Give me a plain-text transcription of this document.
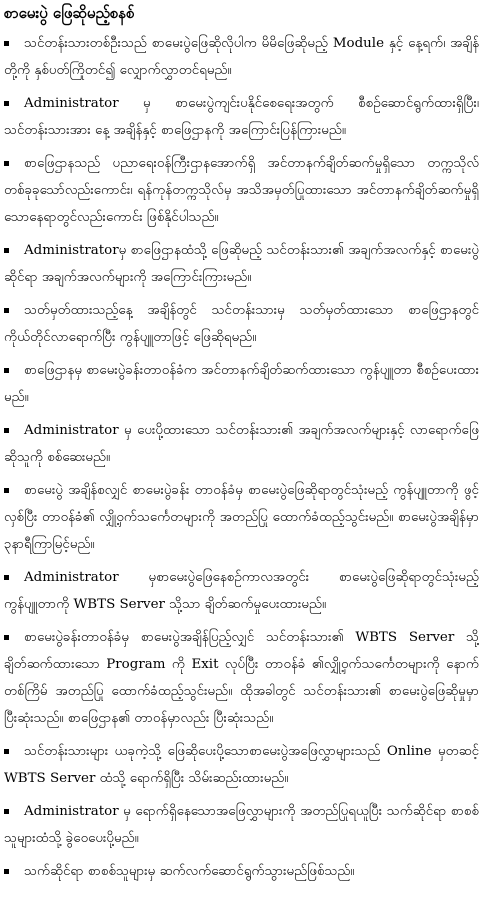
စာမေးပွဲ ဖြေဆိုမည့်စနစ်
သင်တန်းသားတစ်ဦးသည် စာမေးပွဲဖြေဆိုလိုပါက မိမိဖြေဆိုမည့် Module နှင့် နေ့ရက်၊ အချိန်တို့ကို နှစ်ပတ်ကြိုတင်၍ လျှောက်လွှာတင်ရမည်။
Administrator မှ စာမေးပွဲကျင်းပနိုင်စေရေးအတွက် စီစဉ်ဆောင်ရွက်ထားရှိပြီး၊ သင်တန်းသားအား နေ့ အချိန်နှင့် စာဖြေဌာနကို အကြောင်းပြန်ကြားမည်။
စာဖြေဌာနသည် ပညာရေးဝန်ကြီးဌာနအောက်ရှိ အင်တာနက်ချိတ်ဆက်မှုရှိသော တက္ကသိုလ်တစ်ခုခုသော်လည်းကောင်း၊ ရန်ကုန်တက္ကသိုလ်မှ အသိအမှတ်ပြုထားသော အင်တာနက်ချိတ်ဆက်မှုရှိသောနေရာတွင်လည်းကောင်း ဖြစ်နိုင်ပါသည်။
Administratorမှ စာဖြေဌာနထံသို့ ဖြေဆိုမည့် သင်တန်းသား၏ အချက်အလက်နှင့် စာမေးပွဲဆိုင်ရာ အချက်အလက်များကို အကြောင်းကြားမည်။
သတ်မှတ်ထားသည့်နေ့ အချိန်တွင် သင်တန်းသားမှ သတ်မှတ်ထားသော စာဖြေဌာနတွင် ကိုယ်တိုင်လာရောက်ပြီး ကွန်ပျူတာဖြင့် ဖြေဆိုရမည်။
စာဖြေဌာနမှ စာမေးပွဲခန်းတာဝန်ခံက အင်တာနက်ချိတ်ဆက်ထားသော ကွန်ပျူတာ စီစဉ်ပေးထားမည်။
Administrator မှ ပေးပို့ထားသော သင်တန်းသား၏ အချက်အလက်များနှင့် လာရောက်ဖြေဆိုသူကို စစ်ဆေးမည်။
စာမေးပွဲ အချိန်စလျှင် စာမေးပွဲခန်း တာဝန်ခံမှ စာမေးပွဲဖြေဆိုရာတွင်သုံးမည့် ကွန်ပျူတာကို ဖွင့်လှစ်ပြီး တာဝန်ခံ၏ လျှို့ဝှက်သင်္ကေတများကို အတည်ပြု ထောက်ခံထည့်သွင်းမည်။ စာမေးပွဲအချိန်မှာ ၃နာရီကြာမြင့်မည်။
Administrator မှစာမေးပွဲဖြေနေစဉ်ကာလအတွင်း စာမေးပွဲဖြေဆိုရာတွင်သုံးမည့် ကွန်ပျူတာကို WBTS Server သို့သာ ချိတ်ဆက်မှုပေးထားမည်။
စာမေးပွဲခန်းတာဝန်ခံမှ စာမေးပွဲအချိန်ပြည့်လျှင် သင်တန်းသား၏ WBTS Server သို့ချိတ်ဆက်ထားသော Program ကို Exit လုပ်ပြီး တာဝန်ခံ ၏လျှို့ဝှက်သင်္ကေတများကို နောက်တစ်ကြိမ် အတည်ပြု ထောက်ခံထည့်သွင်းမည်။ ထိုအခါတွင် သင်တန်းသား၏ စာမေးပွဲဖြေဆိုမှုမှာ ပြီးဆုံးသည်။ စာဖြေဌာန၏ တာဝန်မှာလည်း ပြီးဆုံးသည်။
သင်တန်းသားများ ယခုကဲ့သို့ ဖြေဆိုပေးပို့သောစာမေးပွဲအဖြေလွှာများသည် Online မှတဆင့် WBTS Server ထံသို့ ရောက်ရှိပြီး သိမ်းဆည်းထားမည်။
Administrator မှ ရောက်ရှိနေသောအဖြေလွှာများကို အတည်ပြုရယူပြီး သက်ဆိုင်ရာ စာစစ်သူများထံသို့ ခွဲဝေပေးပို့မည်။
သက်ဆိုင်ရာ စာစစ်သူများမှ ဆက်လက်ဆောင်ရွက်သွားမည်ဖြစ်သည်။
